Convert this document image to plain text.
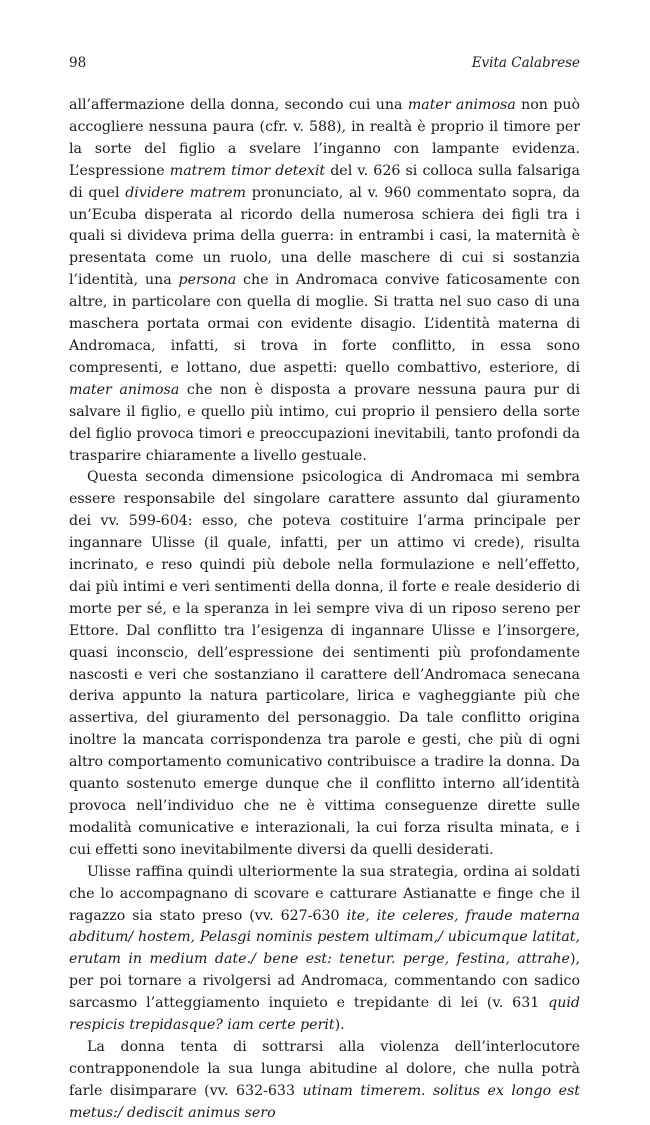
98	Evita Calabrese

all’affermazione della donna, secondo cui una mater animosa non può accogliere nessuna paura (cfr. v. 588), in realtà è proprio il timore per la sorte del figlio a svelare l’inganno con lampante evidenza. L’espressione matrem timor detexit del v. 626 si colloca sulla falsariga di quel dividere matrem pronunciato, al v. 960 commentato sopra, da un’Ecuba disperata al ricordo della numerosa schiera dei figli tra i quali si divideva prima della guerra: in entrambi i casi, la maternità è presentata come un ruolo, una delle maschere di cui si sostanzia l’identità, una persona che in Andromaca convive faticosamente con altre, in particolare con quella di moglie. Si tratta nel suo caso di una maschera portata ormai con evidente disagio. L’identità materna di Andromaca, infatti, si trova in forte conflitto, in essa sono compresenti, e lottano, due aspetti: quello combattivo, esteriore, di mater animosa che non è disposta a provare nessuna paura pur di salvare il figlio, e quello più intimo, cui proprio il pensiero della sorte del figlio provoca timori e preoccupazioni inevitabili, tanto profondi da trasparire chiaramente a livello gestuale.

Questa seconda dimensione psicologica di Andromaca mi sembra essere responsabile del singolare carattere assunto dal giuramento dei vv. 599-604: esso, che poteva costituire l’arma principale per ingannare Ulisse (il quale, infatti, per un attimo vi crede), risulta incrinato, e reso quindi più debole nella formulazione e nell’effetto, dai più intimi e veri sentimenti della donna, il forte e reale desiderio di morte per sé, e la speranza in lei sempre viva di un riposo sereno per Ettore. Dal conflitto tra l’esigenza di ingannare Ulisse e l’insorgere, quasi inconscio, dell’espressione dei sentimenti più profondamente nascosti e veri che sostanziano il carattere dell’Andromaca senecana deriva appunto la natura particolare, lirica e vagheggiante più che assertiva, del giuramento del personaggio. Da tale conflitto origina inoltre la mancata corrispondenza tra parole e gesti, che più di ogni altro comportamento comunicativo contribuisce a tradire la donna. Da quanto sostenuto emerge dunque che il conflitto interno all’identità provoca nell’individuo che ne è vittima conseguenze dirette sulle modalità comunicative e interazionali, la cui forza risulta minata, e i cui effetti sono inevitabilmente diversi da quelli desiderati.

Ulisse raffina quindi ulteriormente la sua strategia, ordina ai soldati che lo accompagnano di scovare e catturare Astianatte e finge che il ragazzo sia stato preso (vv. 627-630 ite, ite celeres, fraude materna abditum/ hostem, Pelasgi nominis pestem ultimam,/ ubicumque latitat, erutam in medium date./ bene est: tenetur. perge, festina, attrahe), per poi tornare a rivolgersi ad Andromaca, commentando con sadico sarcasmo l’atteggiamento inquieto e trepidante di lei (v. 631 quid respicis trepidasque? iam certe perit).

La donna tenta di sottrarsi alla violenza dell’interlocutore contrapponendole la sua lunga abitudine al dolore, che nulla potrà farle disimparare (vv. 632-633 utinam timerem. solitus ex longo est metus:/ dediscit animus sero
